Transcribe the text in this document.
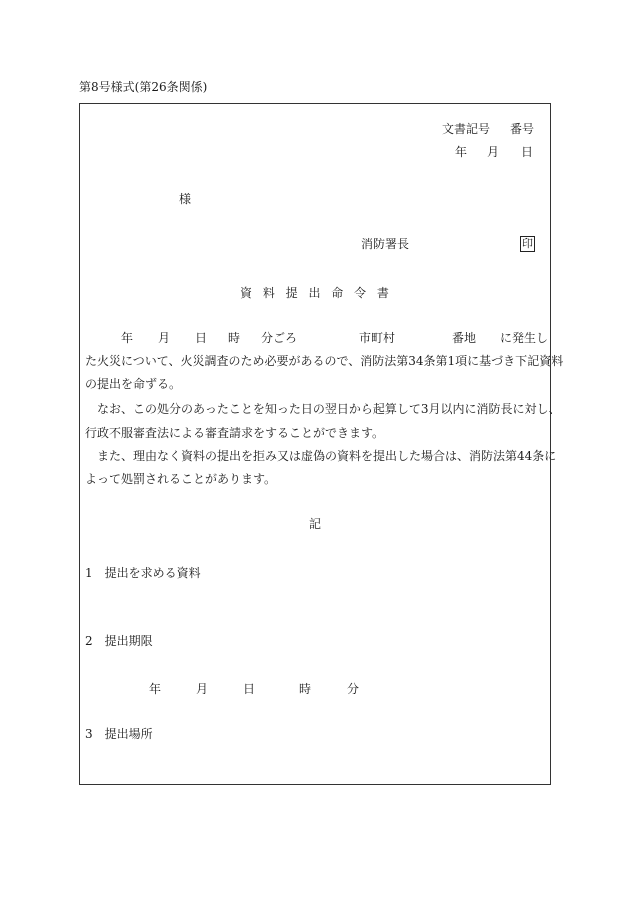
第8号様式(第26条関係)
文書記号 番号
年 月 日
様
消防署長	印
資 料 提 出 命 令 書
年 月 日 時 分ごろ	市町村	番地 に発生し
た火災について、火災調査のため必要があるので、消防法第34条第1項に基づき下記資料
の提出を命ずる。
なお、この処分のあったことを知った日の翌日から起算して3月以内に消防長に対し、
行政不服審査法による審査請求をすることができます。
また、理由なく資料の提出を拒み又は虚偽の資料を提出した場合は、消防法第44条に
よって処罰されることがあります。
記
1　提出を求める資料
2　提出期限
年	月	日	時	分
3　提出場所
